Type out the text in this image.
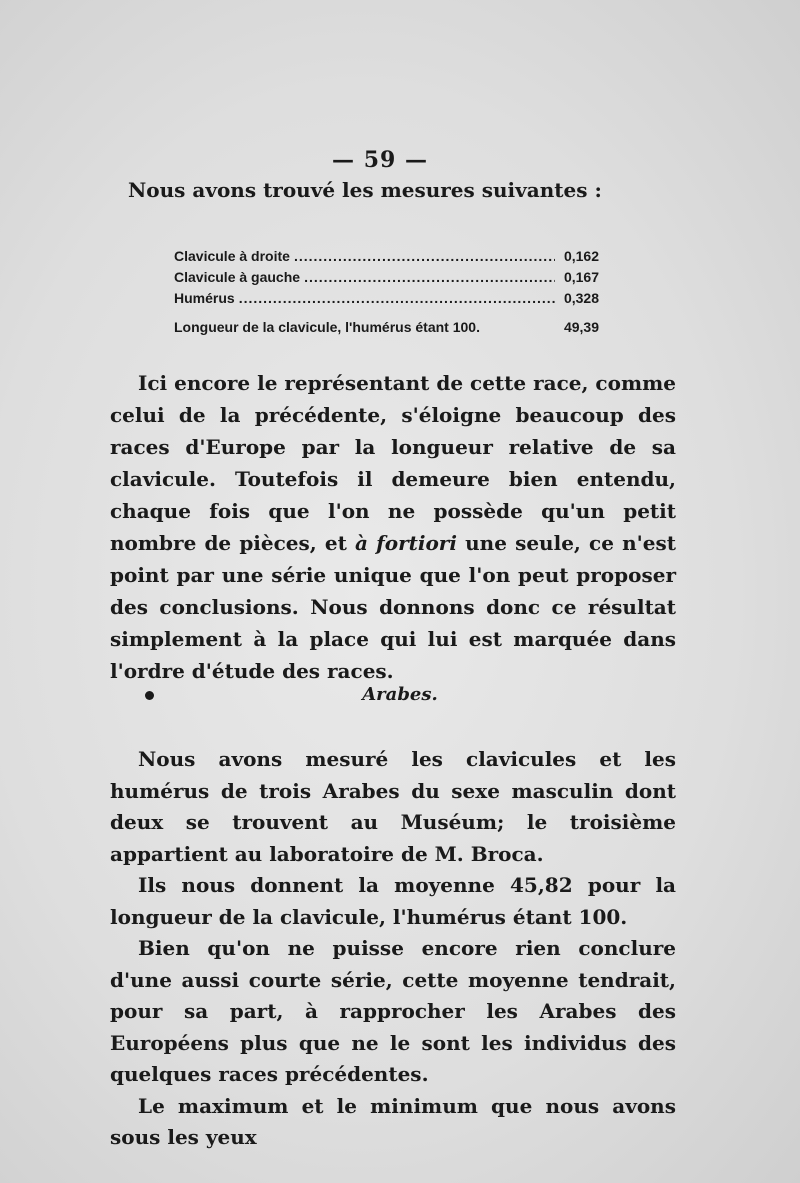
— 59 —
Nous avons trouvé les mesures suivantes :
Clavicule à droite .....	0,162
Clavicule à gauche .....	0,167
Humérus .....	0,328
Longueur de la clavicule, l'humérus étant 100.	49,39

Ici encore le représentant de cette race, comme celui de la précédente, s'éloigne beaucoup des races d'Europe par la longueur relative de sa clavicule. Toutefois il demeure bien entendu, chaque fois que l'on ne possède qu'un petit nombre de pièces, et à fortiori une seule, ce n'est point par une série unique que l'on peut proposer des conclusions. Nous donnons donc ce résultat simplement à la place qui lui est marquée dans l'ordre d'étude des races.

Arabes.

Nous avons mesuré les clavicules et les humérus de trois Arabes du sexe masculin dont deux se trouvent au Muséum; le troisième appartient au laboratoire de M. Broca.

Ils nous donnent la moyenne 45,82 pour la longueur de la clavicule, l'humérus étant 100.

Bien qu'on ne puisse encore rien conclure d'une aussi courte série, cette moyenne tendrait, pour sa part, à rapprocher les Arabes des Européens plus que ne le sont les individus des quelques races précédentes.

Le maximum et le minimum que nous avons sous les yeux
